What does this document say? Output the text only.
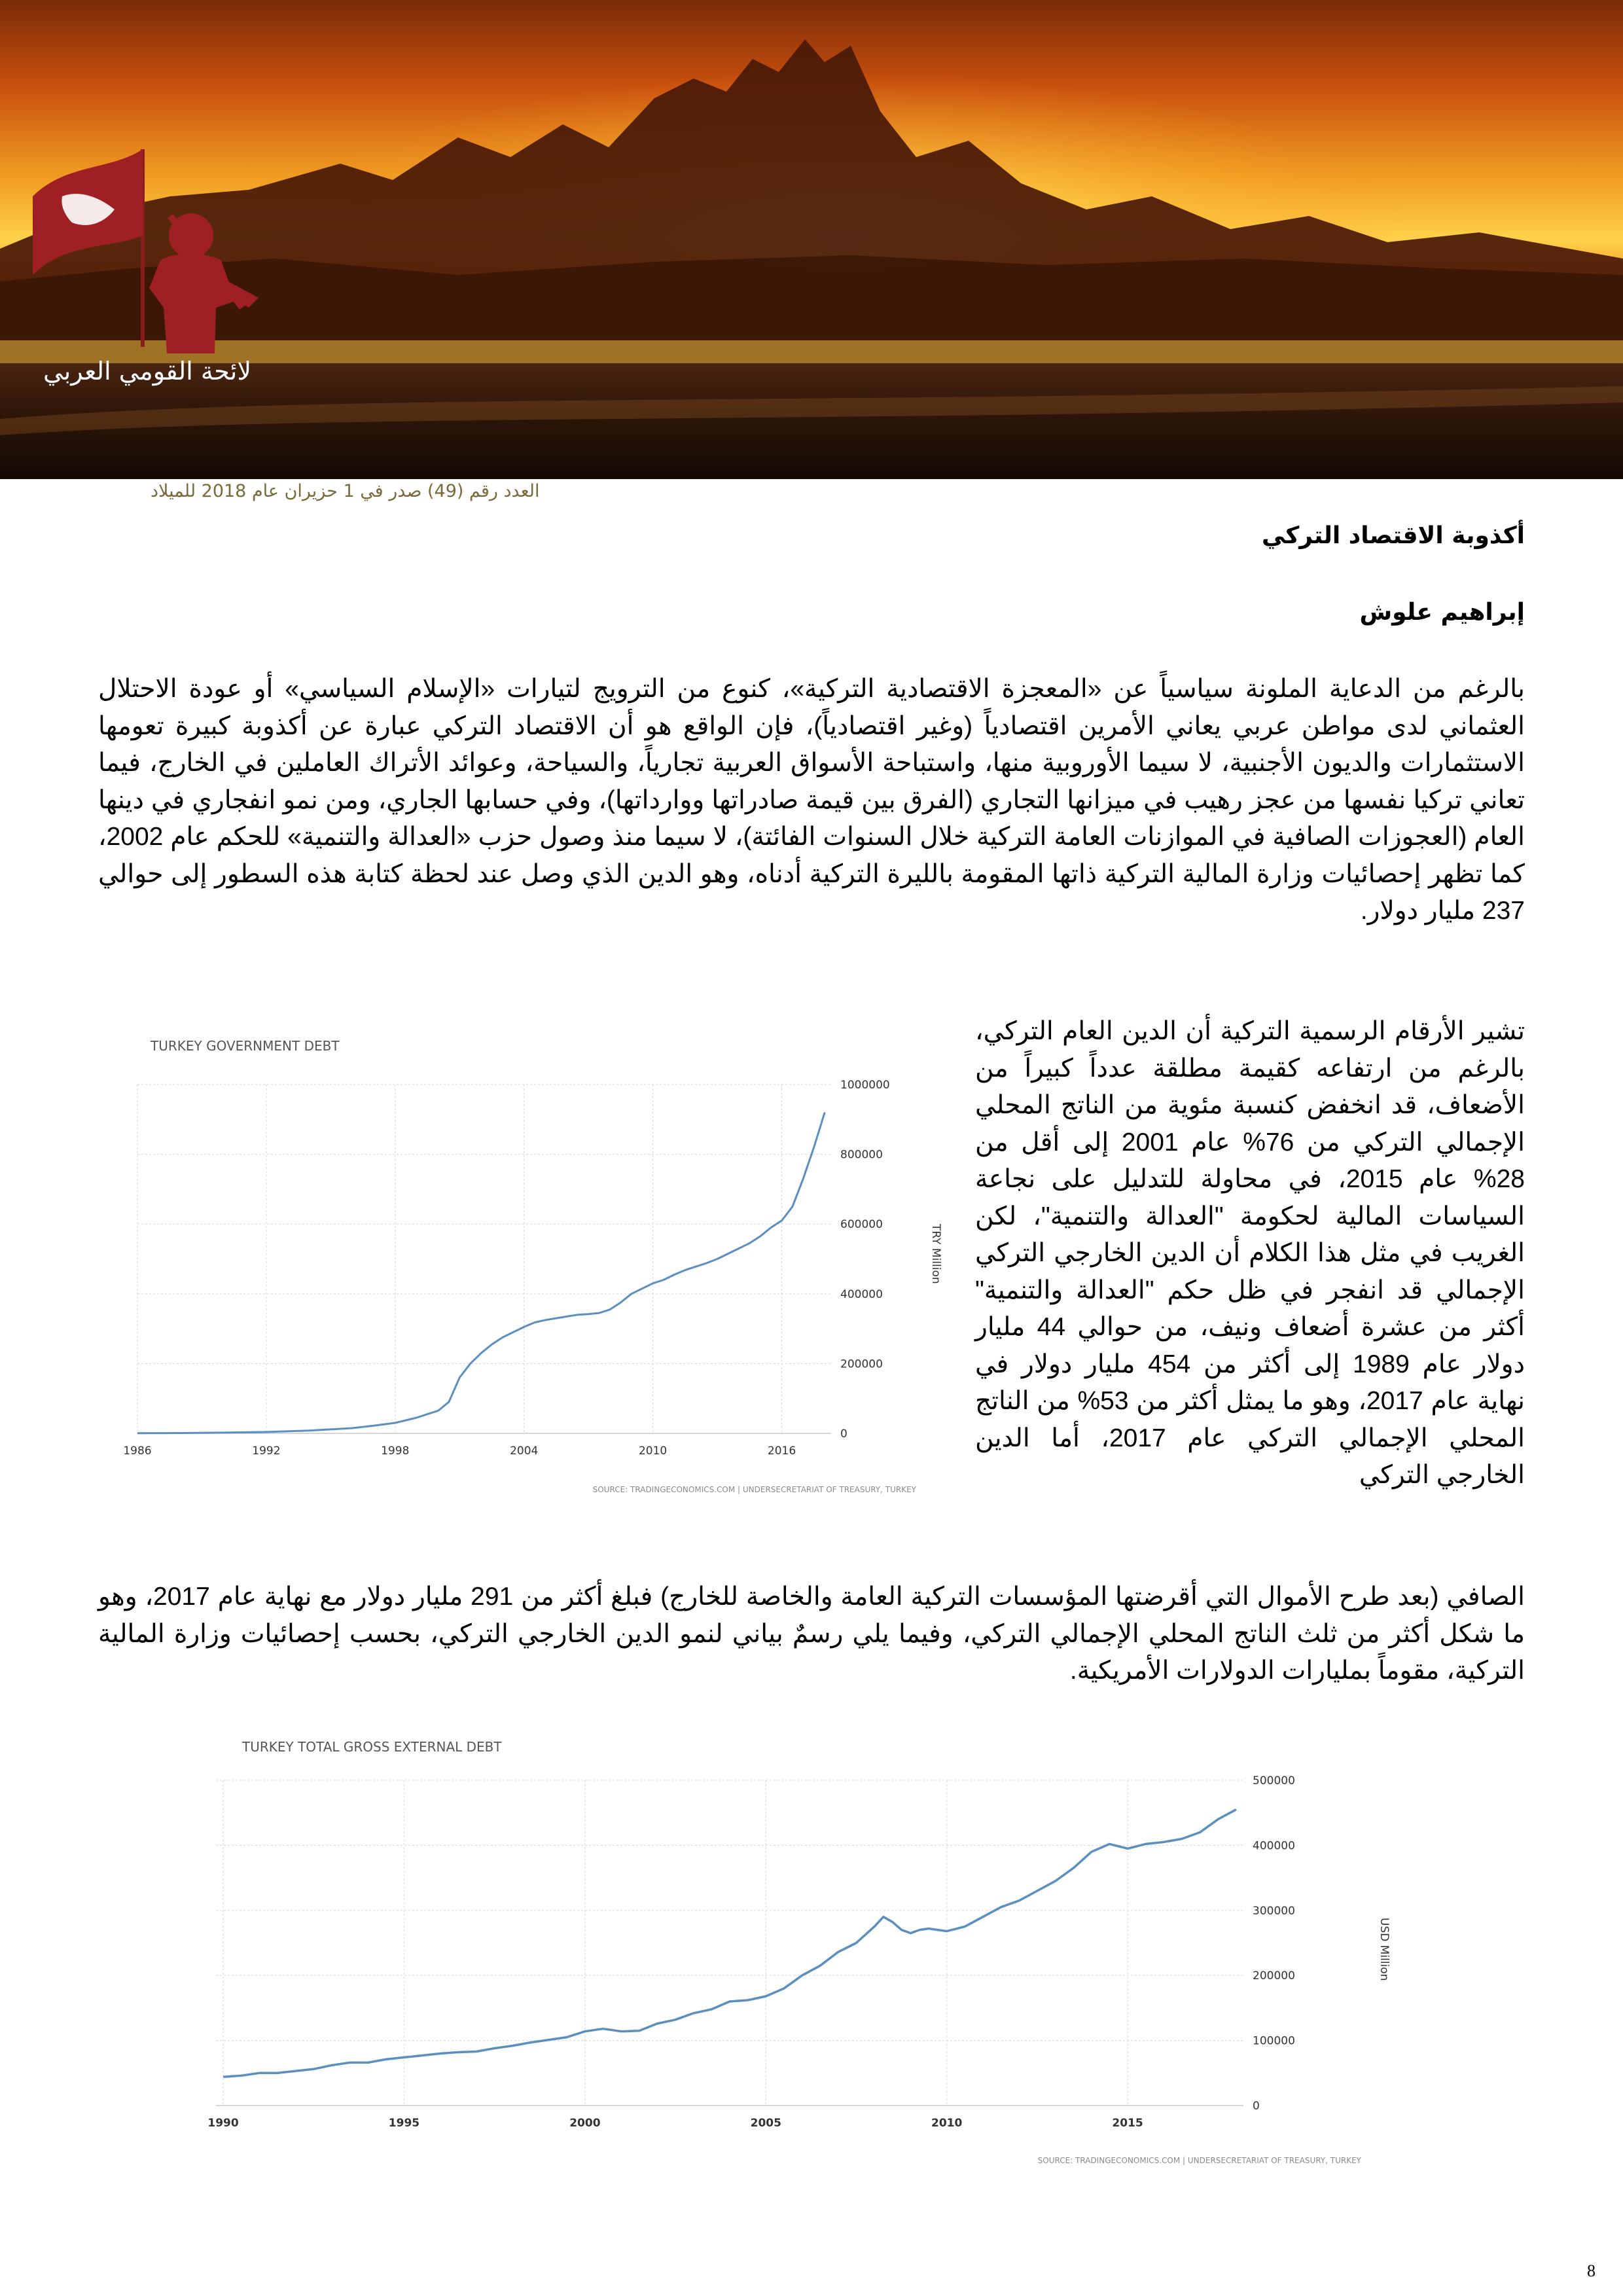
لائحة القومي العربي
العدد رقم (49) صدر في 1 حزيران عام 2018 للميلاد
أكذوبة الاقتصاد التركي
إبراهيم علوش

بالرغم من الدعاية الملونة سياسياً عن «المعجزة الاقتصادية التركية»، كنوع من الترويج لتيارات «الإسلام السياسي» أو عودة الاحتلال العثماني لدى مواطن عربي يعاني الأمرين اقتصادياً (وغير اقتصادياً)، فإن الواقع هو أن الاقتصاد التركي عبارة عن أكذوبة كبيرة تعومها الاستثمارات والديون الأجنبية، لا سيما الأوروبية منها، واستباحة الأسواق العربية تجارياً، والسياحة، وعوائد الأتراك العاملين في الخارج، فيما تعاني تركيا نفسها من عجز رهيب في ميزانها التجاري (الفرق بين قيمة صادراتها ووارداتها)، وفي حسابها الجاري، ومن نمو انفجاري في دينها العام (العجوزات الصافية في الموازنات العامة التركية خلال السنوات الفائتة)، لا سيما منذ وصول حزب «العدالة والتنمية» للحكم عام 2002، كما تظهر إحصائيات وزارة المالية التركية ذاتها المقومة بالليرة التركية أدناه، وهو الدين الذي وصل عند لحظة كتابة هذه السطور إلى حوالي 237 مليار دولار.

تشير الأرقام الرسمية التركية أن الدين العام التركي، بالرغم من ارتفاعه كقيمة مطلقة عدداً كبيراً من الأضعاف، قد انخفض كنسبة مئوية من الناتج المحلي الإجمالي التركي من 76% عام 2001 إلى أقل من 28% عام 2015، في محاولة للتدليل على نجاعة السياسات المالية لحكومة "العدالة والتنمية"، لكن الغريب في مثل هذا الكلام أن الدين الخارجي التركي الإجمالي قد انفجر في ظل حكم "العدالة والتنمية" أكثر من عشرة أضعاف ونيف، من حوالي 44 مليار دولار عام 1989 إلى أكثر من 454 مليار دولار في نهاية عام 2017، وهو ما يمثل أكثر من 53% من الناتج المحلي الإجمالي التركي عام 2017، أما الدين الخارجي التركي

الصافي (بعد طرح الأموال التي أقرضتها المؤسسات التركية العامة والخاصة للخارج) فبلغ أكثر من 291 مليار دولار مع نهاية عام 2017، وهو ما شكل أكثر من ثلث الناتج المحلي الإجمالي التركي، وفيما يلي رسمٌ بياني لنمو الدين الخارجي التركي، بحسب إحصائيات وزارة المالية التركية، مقوماً بمليارات الدولارات الأمريكية.

TURKEY GOVERNMENT DEBT
0
200000
400000
600000
800000
1000000
1986	1992	1998	2004	2010	2016
TRY Million
SOURCE: TRADINGECONOMICS.COM | UNDERSECRETARIAT OF TREASURY, TURKEY
TURKEY TOTAL GROSS EXTERNAL DEBT
0
100000
200000
300000
400000
500000
1990	1995	2000	2005	2010	2015
USD Million
SOURCE: TRADINGECONOMICS.COM | UNDERSECRETARIAT OF TREASURY, TURKEY
8
